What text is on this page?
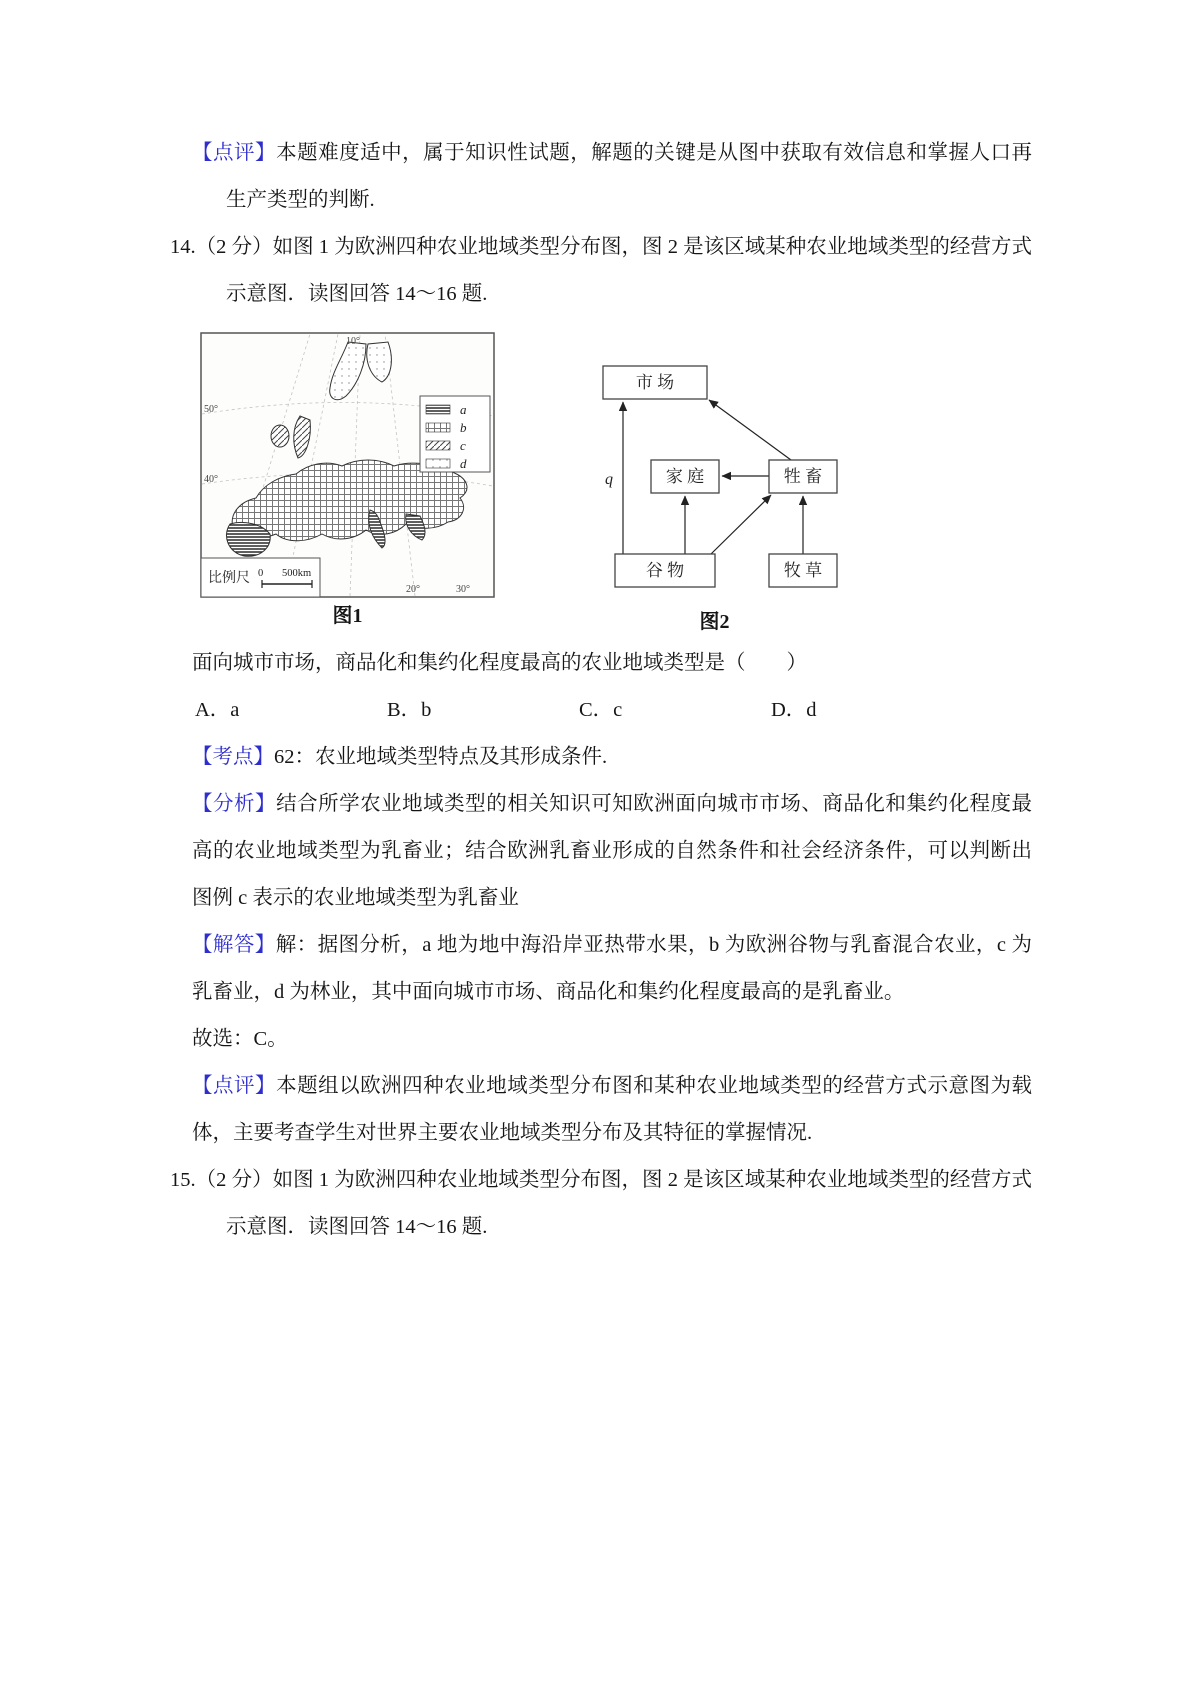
【点评】本题难度适中，属于知识性试题，解题的关键是从图中获取有效信息和掌握人口再生产类型的判断.

14.（2 分）如图 1 为欧洲四种农业地域类型分布图，图 2 是该区域某种农业地域类型的经营方式示意图．读图回答 14～16 题.

a
b
c
d
比例尺 0 500km
50°
40°
10°
20°	30°
图1
q
市 场
家 庭	牲 畜
谷 物	牧 草
图2

面向城市市场，商品化和集约化程度最高的农业地域类型是（　　）

A．a	B．b	C．c	D．d

【考点】62：农业地域类型特点及其形成条件.

【分析】结合所学农业地域类型的相关知识可知欧洲面向城市市场、商品化和集约化程度最高的农业地域类型为乳畜业；结合欧洲乳畜业形成的自然条件和社会经济条件，可以判断出图例 c 表示的农业地域类型为乳畜业

【解答】解：据图分析，a 地为地中海沿岸亚热带水果，b 为欧洲谷物与乳畜混合农业，c 为乳畜业，d 为林业，其中面向城市市场、商品化和集约化程度最高的是乳畜业。

故选：C。

【点评】本题组以欧洲四种农业地域类型分布图和某种农业地域类型的经营方式示意图为载体，主要考查学生对世界主要农业地域类型分布及其特征的掌握情况.

15.（2 分）如图 1 为欧洲四种农业地域类型分布图，图 2 是该区域某种农业地域类型的经营方式示意图．读图回答 14～16 题.
